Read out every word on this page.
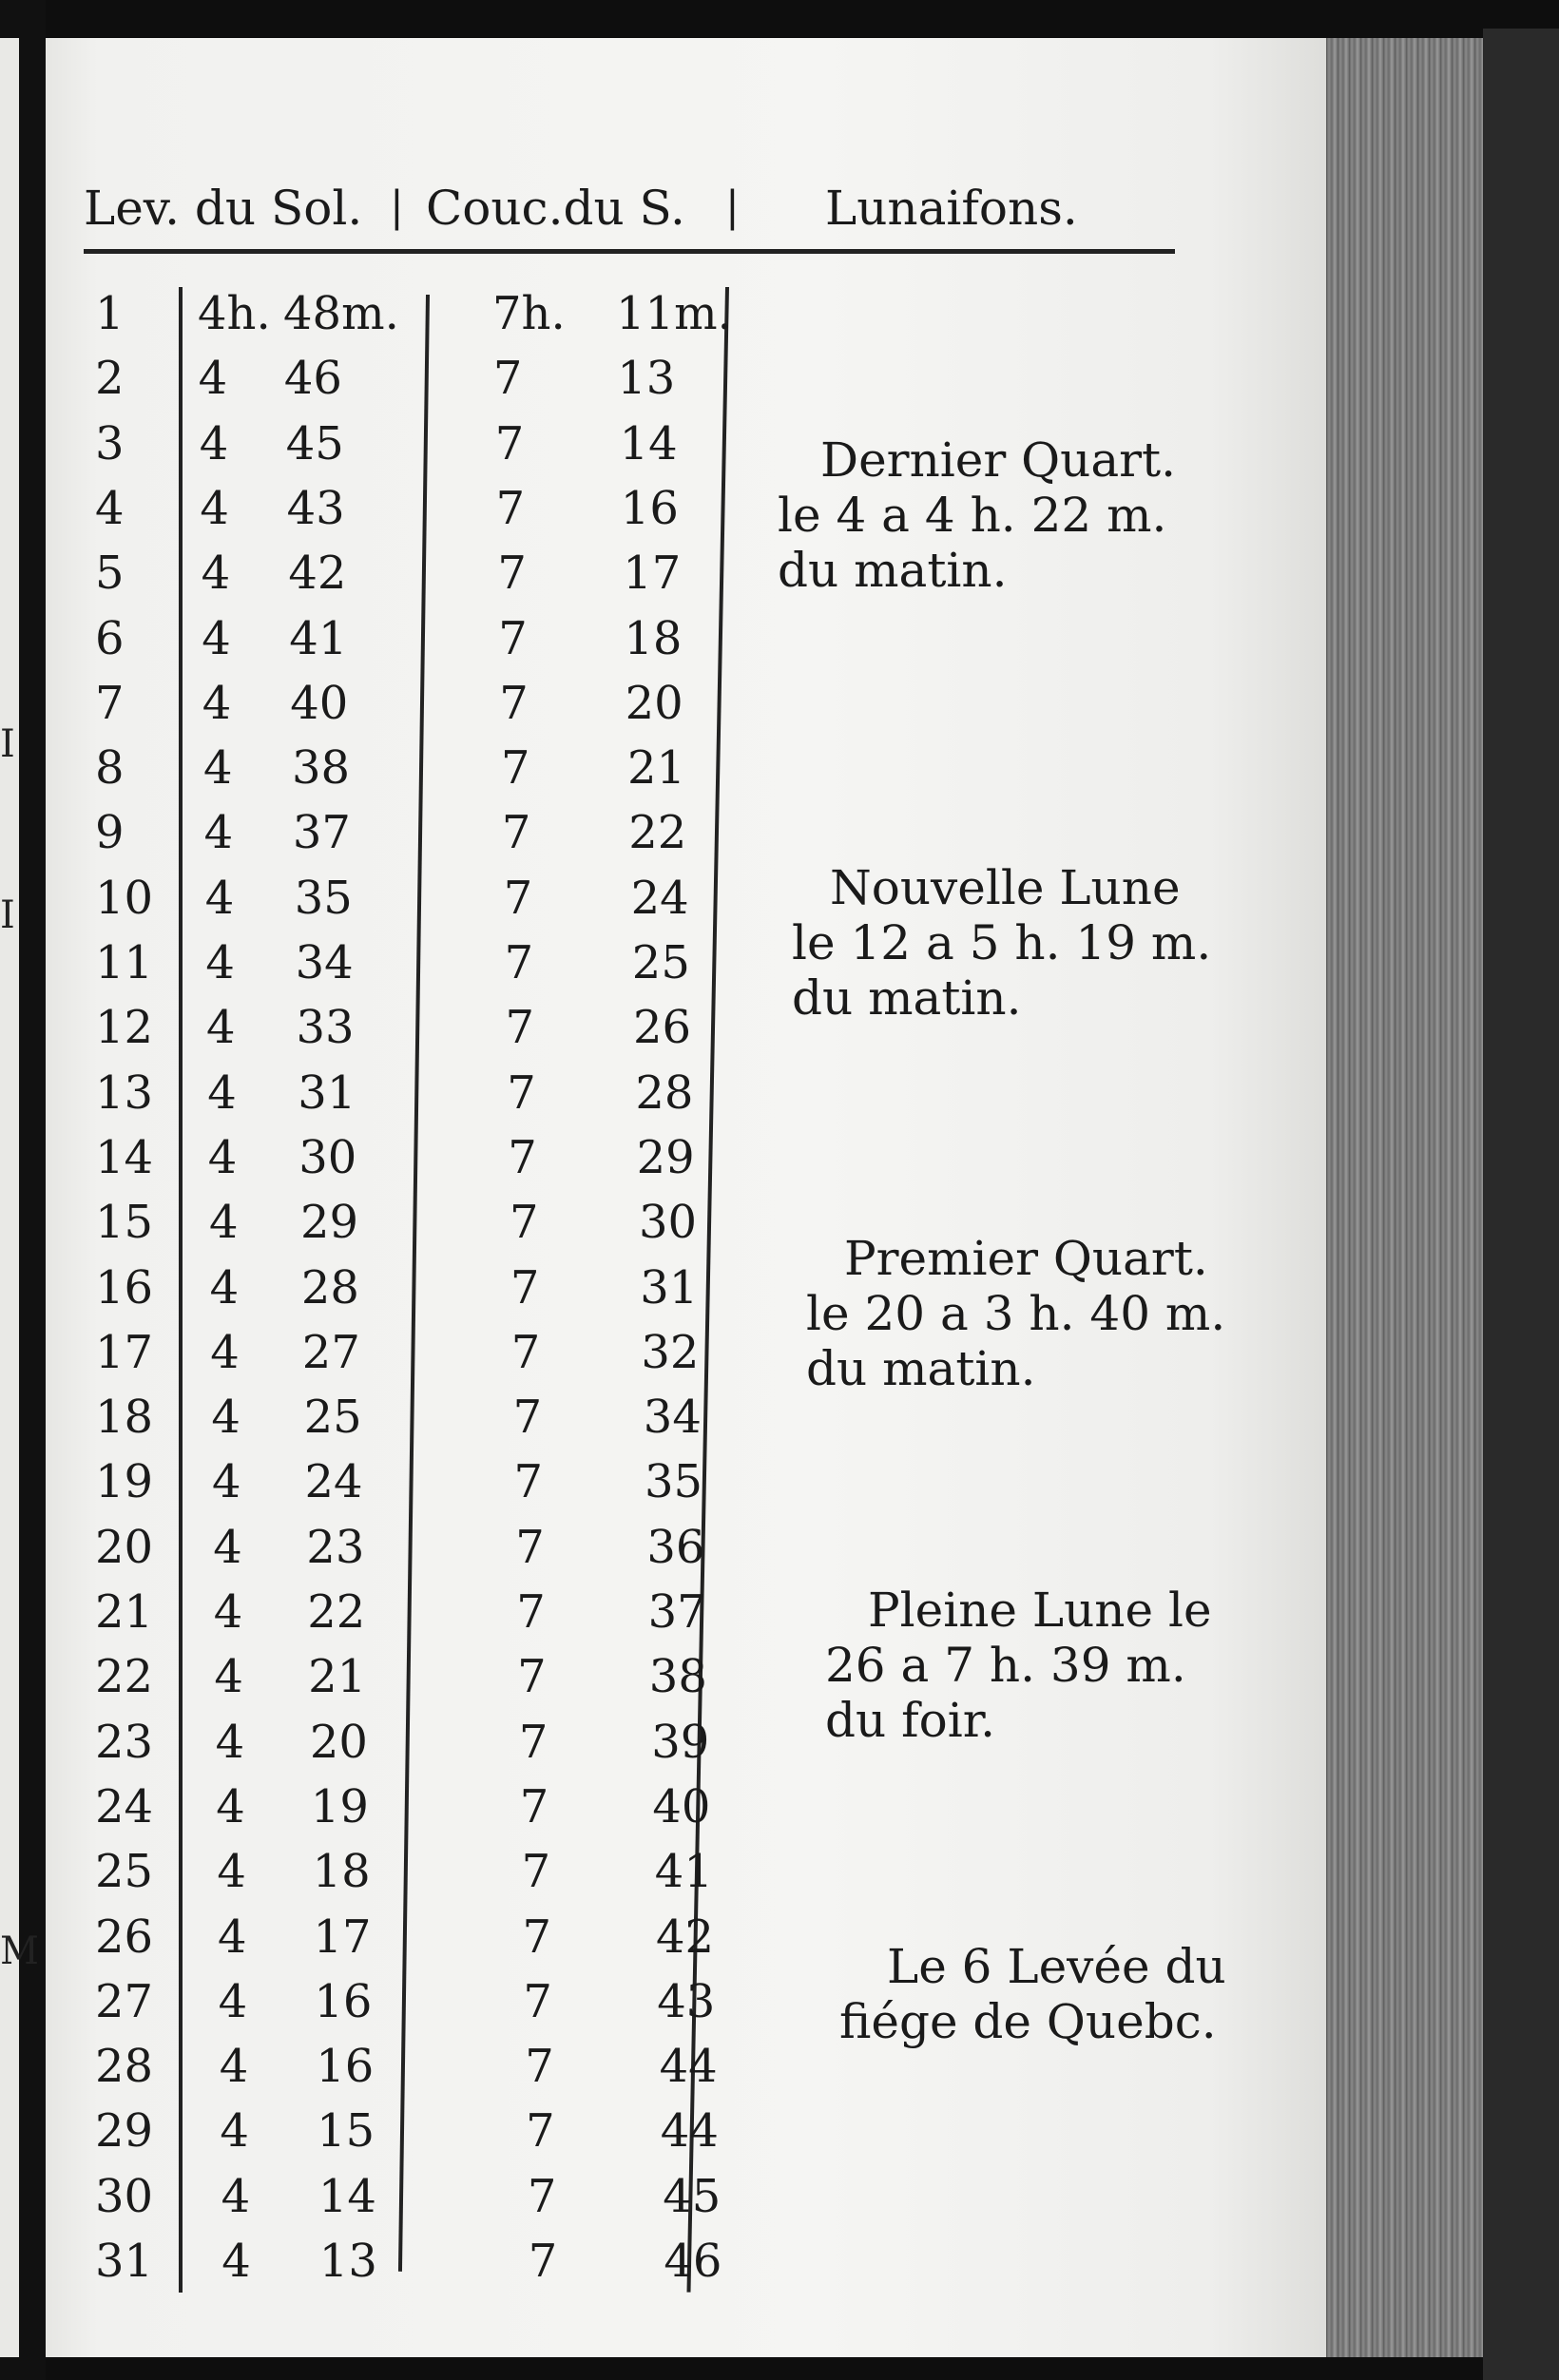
I
I
M
Lev. du Sol. | Couc.du S. | Lunaifons.
1	4h. 48m. 7h. 11m.
2	4 46	7 13
3	4 45	7 14
4	4 43	7 16
5	4 42	7 17
6	4 41	7 18
7	4 40	7 20
8	4 38	7 21
9	4 37	7 22
10	4 35	7 24
11	4 34	7 25
12	4 33	7 26
13	4 31	7 28
14	4 30	7 29
15	4 29	7 30
16	4 28	7 31
17	4 27	7 32
18	4 25	7 34
19	4 24	7 35
20	4 23	7 36
21	4 22	7 37
22	4 21	7 38
23	4 20	7 39
24	4 19	7 40
25	4 18	7 41
26	4 17	7 42
27	4 16	7 43
28	4 16	7 44
29	4 15	7 44
30	4 14	7 45
31	4 13	7 46
Dernier Quart.
le 4 a 4 h. 22 m.
du matin.
Nouvelle Lune
le 12 a 5 h. 19 m.
du matin.
Premier Quart.
le 20 a 3 h. 40 m.
du matin.
Pleine Lune le
26 a 7 h. 39 m.
du foir.
Le 6 Levée du
fiége de Quebc.
